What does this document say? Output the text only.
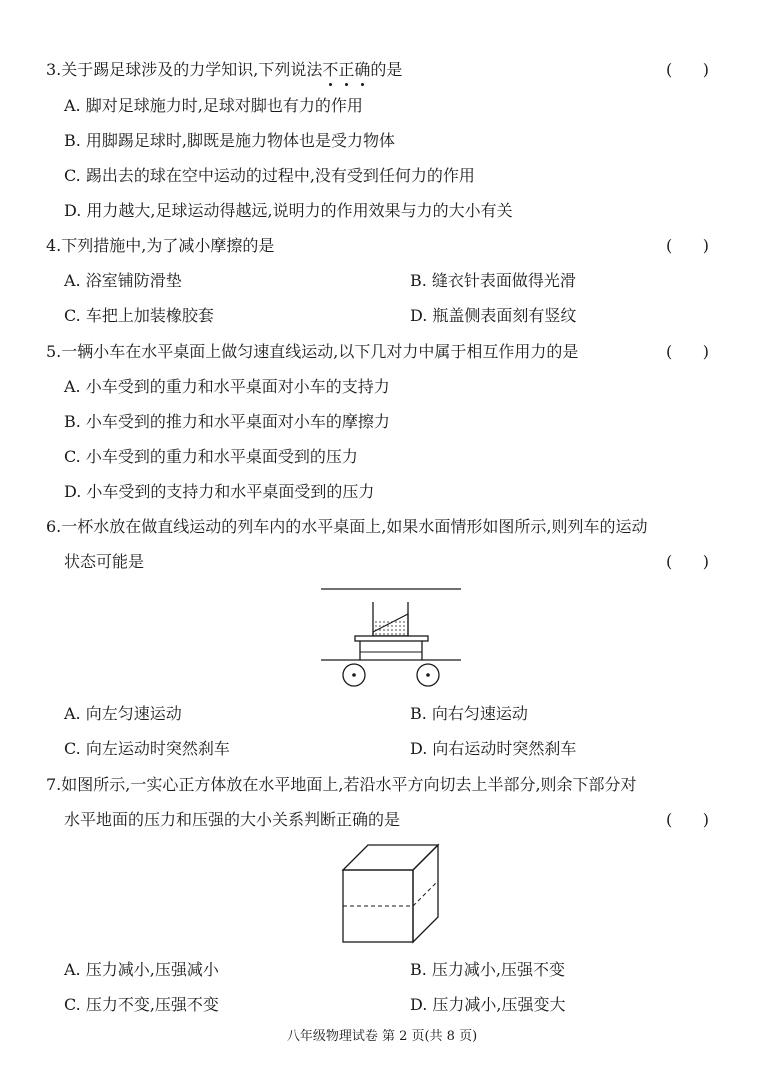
3.关于踢足球涉及的力学知识,下列说法不正确的是	(      )
A. 脚对足球施力时,足球对脚也有力的作用
B. 用脚踢足球时,脚既是施力物体也是受力物体
C. 踢出去的球在空中运动的过程中,没有受到任何力的作用
D. 用力越大,足球运动得越远,说明力的作用效果与力的大小有关
4.下列措施中,为了减小摩擦的是	(      )
A. 浴室铺防滑垫	B. 缝衣针表面做得光滑
C. 车把上加装橡胶套	D. 瓶盖侧表面刻有竖纹
5.一辆小车在水平桌面上做匀速直线运动,以下几对力中属于相互作用力的是	(      )
A. 小车受到的重力和水平桌面对小车的支持力
B. 小车受到的推力和水平桌面对小车的摩擦力
C. 小车受到的重力和水平桌面受到的压力
D. 小车受到的支持力和水平桌面受到的压力
6.一杯水放在做直线运动的列车内的水平桌面上,如果水面情形如图所示,则列车的运动
状态可能是	(      )
A. 向左匀速运动	B. 向右匀速运动
C. 向左运动时突然刹车	D. 向右运动时突然刹车
7.如图所示,一实心正方体放在水平地面上,若沿水平方向切去上半部分,则余下部分对
水平地面的压力和压强的大小关系判断正确的是	(      )
A. 压力减小,压强减小	B. 压力减小,压强不变
C. 压力不变,压强不变	D. 压力减小,压强变大
八年级物理试卷 第 2 页(共 8 页)
